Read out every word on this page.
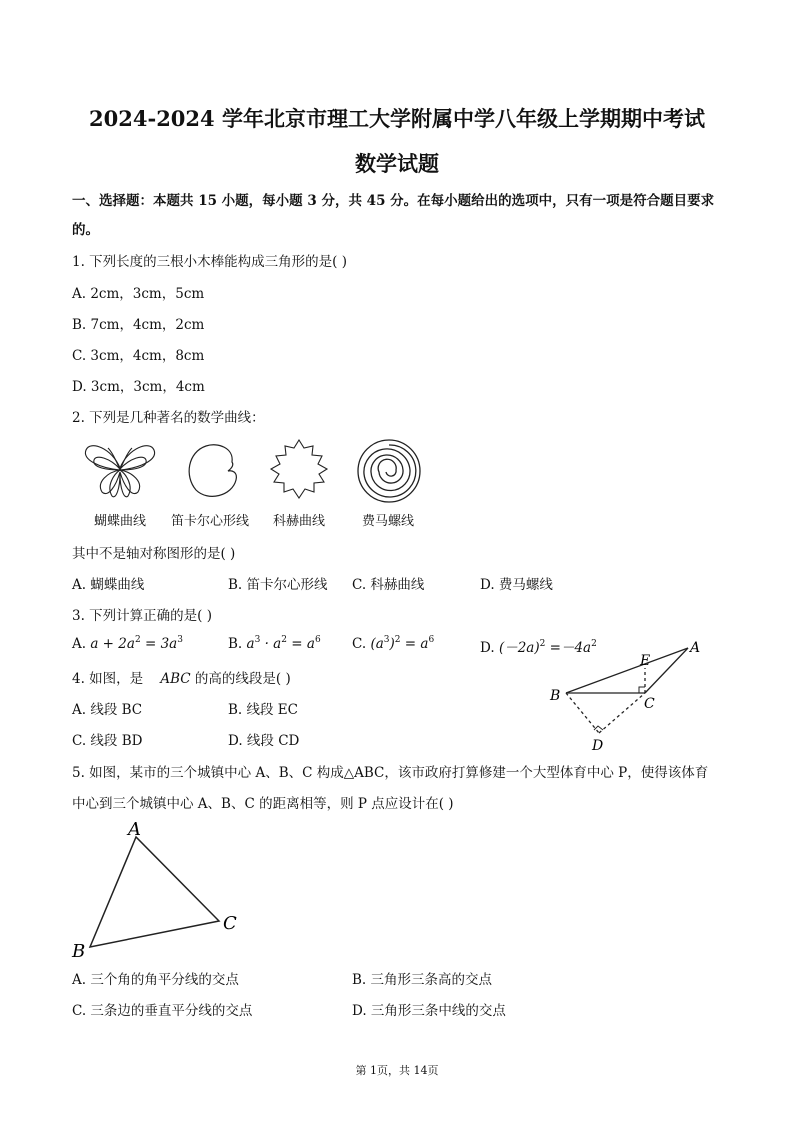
2024-2024 学年北京市理工大学附属中学八年级上学期期中考试
数学试题
一、选择题：本题共 15 小题，每小题 3 分，共 45 分。在每小题给出的选项中，只有一项是符合题目要求
的。
1. 下列长度的三根小木棒能构成三角形的是( )
A. 2cm，3cm，5cm
B. 7cm，4cm，2cm
C. 3cm，4cm，8cm
D. 3cm，3cm，4cm
2. 下列是几种著名的数学曲线：
蝴蝶曲线	笛卡尔心形线	科赫曲线	费马螺线
其中不是轴对称图形的是( )
A. 蝴蝶曲线	B. 笛卡尔心形线 C. 科赫曲线	D. 费马螺线
3. 下列计算正确的是( )
A. $a + 2a^2 = 3a^3$	B. $a^3 \cdot a^2 = a^6$ C. $(a^3)^2 = a^6$	D. $(-2a)^2 =-4a^2$
4. 如图，是 ABC 的高的线段是( )
A. 线段 BC	B. 线段 EC
C. 线段 BD	D. 线段 CD
A
B	C
D
E
5. 如图，某市的三个城镇中心 A、B、C 构成△ABC，该市政府打算修建一个大型体育中心 P，使得该体育
中心到三个城镇中心 A、B、C 的距离相等，则 P 点应设计在( )
A
B
C
A. 三个角的角平分线的交点	B. 三角形三条高的交点
C. 三条边的垂直平分线的交点	D. 三角形三条中线的交点
第 1页，共 14页
